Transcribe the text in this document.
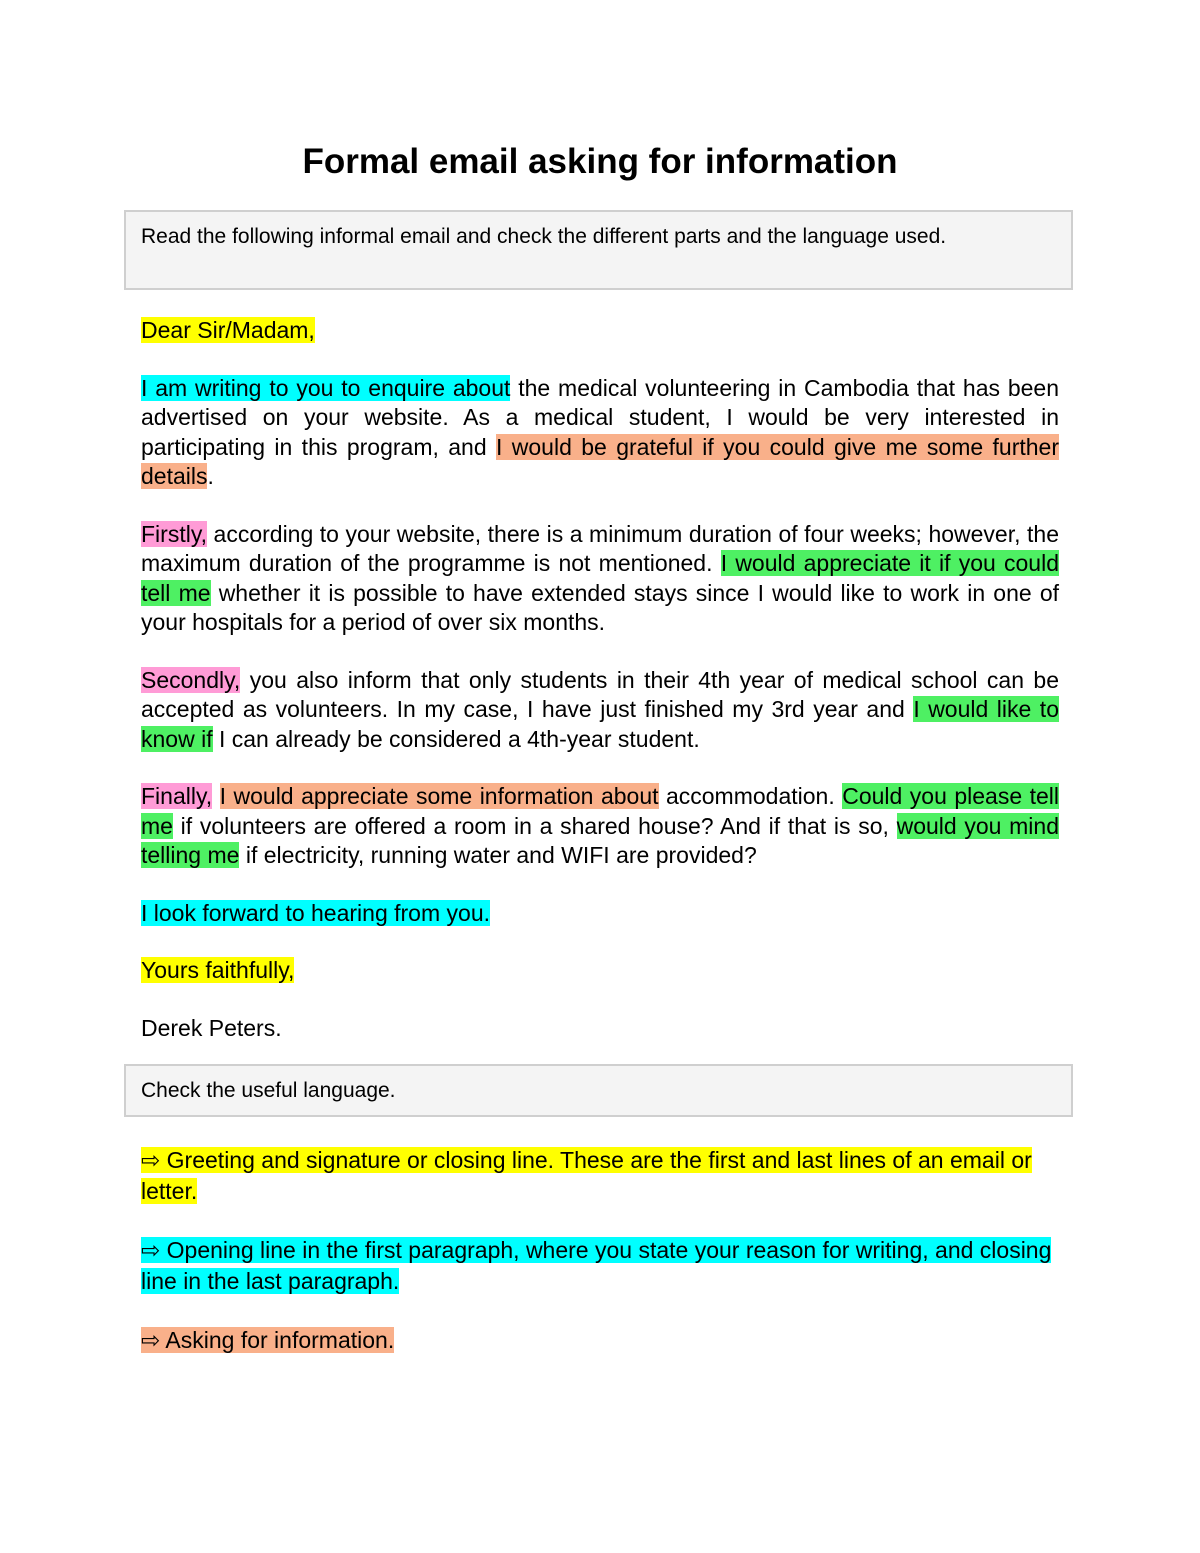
Formal email asking for information
Read the following informal email and check the different parts and the language used.

Dear Sir/Madam,

I am writing to you to enquire about the medical volunteering in Cambodia that has been advertised on your website. As a medical student, I would be very interested in participating in this program, and I would be grateful if you could give me some further details.

Firstly, according to your website, there is a minimum duration of four weeks; however, the maximum duration of the programme is not mentioned. I would appreciate it if you could tell me whether it is possible to have extended stays since I would like to work in one of your hospitals for a period of over six months.

Secondly, you also inform that only students in their 4th year of medical school can be accepted as volunteers. In my case, I have just finished my 3rd year and I would like to know if I can already be considered a 4th-year student.

Finally, I would appreciate some information about accommodation. Could you please tell me if volunteers are offered a room in a shared house? And if that is so, would you mind telling me if electricity, running water and WIFI are provided?

I look forward to hearing from you.

Yours faithfully,

Derek Peters.

Check the useful language.

⇨ Greeting and signature or closing line. These are the first and last lines of an email or letter.

⇨ Opening line in the first paragraph, where you state your reason for writing, and closing line in the last paragraph.

⇨ Asking for information.
